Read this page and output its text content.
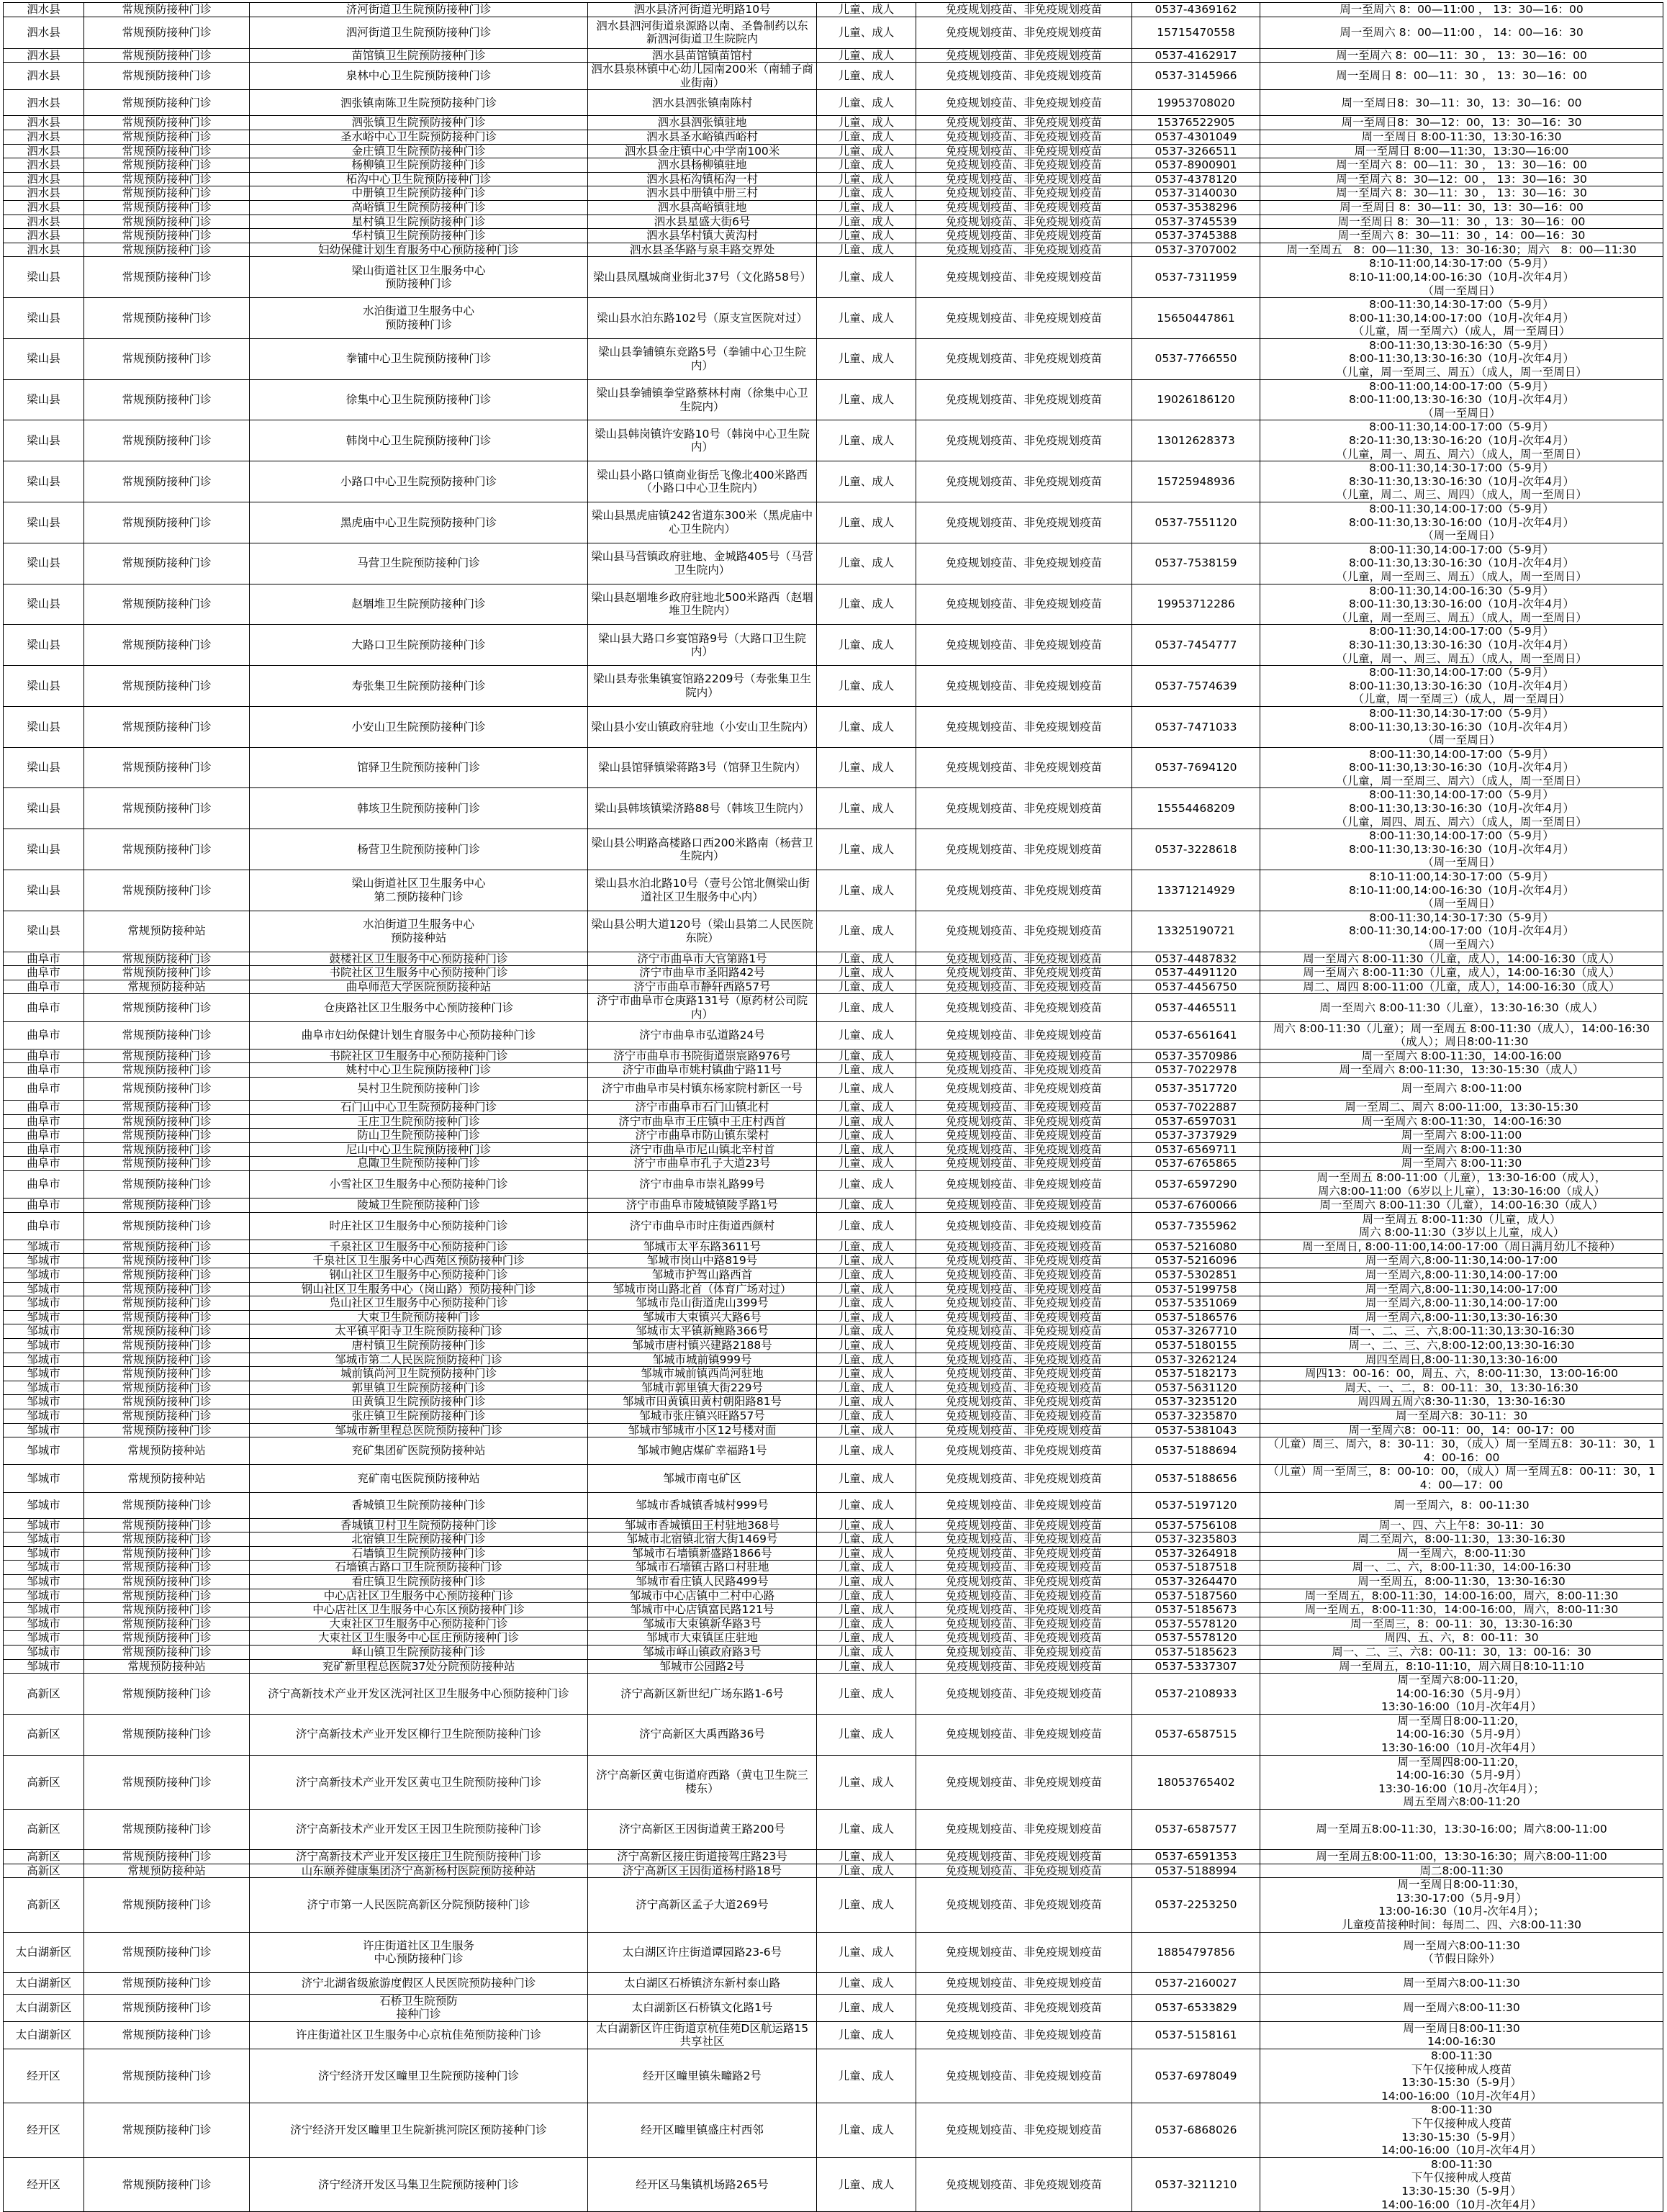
泗水县	常规预防接种门诊	济河街道卫生院预防接种门诊	泗水县济河街道光明路10号	儿童、成人	免疫规划疫苗、非免疫规划疫苗	0537-4369162	周一至周六 8：00—11:00 ， 13：30—16：00
泗水县	常规预防接种门诊	泗河街道卫生院预防接种门诊	泗水县泗河街道泉源路以南、圣鲁制药以东
新泗河街道卫生院院内	儿童、成人	免疫规划疫苗、非免疫规划疫苗	15715470558	周一至周六 8：00—11:00 ， 14：00—16：30
泗水县	常规预防接种门诊	苗馆镇卫生院预防接种门诊	泗水县苗馆镇苗馆村	儿童、成人	免疫规划疫苗、非免疫规划疫苗	0537-4162917	周一至周六 8：00—11：30 ， 13：30—16：00
泗水县	常规预防接种门诊	泉林中心卫生院预防接种门诊	泗水县泉林镇中心幼儿园南200米（南辅子商业街南）	儿童、成人	免疫规划疫苗、非免疫规划疫苗	0537-3145966	周一至周日 8：00—11：30 ， 13：30—16：00
泗水县	常规预防接种门诊	泗张镇南陈卫生院预防接种门诊	泗水县泗张镇南陈村	儿童、成人	免疫规划疫苗、非免疫规划疫苗	19953708020	周一至周日8：30—11：30，13：30—16：00
泗水县	常规预防接种门诊	泗张镇卫生院预防接种门诊	泗水县泗张镇驻地	儿童、成人	免疫规划疫苗、非免疫规划疫苗	15376522905	周一至周日8：30—12：00，13：30—16：30
泗水县	常规预防接种门诊	圣水峪中心卫生院预防接种门诊	泗水县圣水峪镇西峪村	儿童、成人	免疫规划疫苗、非免疫规划疫苗	0537-4301049	周一至周日 8:00-11:30，13:30-16:30
泗水县	常规预防接种门诊	金庄镇卫生院预防接种门诊	泗水县金庄镇中心中学南100米	儿童、成人	免疫规划疫苗、非免疫规划疫苗	0537-3266511	周一至周日 8:00—11:30，13:30—16:00
泗水县	常规预防接种门诊	杨柳镇卫生院预防接种门诊	泗水县杨柳镇驻地	儿童、成人	免疫规划疫苗、非免疫规划疫苗	0537-8900901	周一至周六 8：00—11：30 ， 13：30—16：00
泗水县	常规预防接种门诊	柘沟中心卫生院预防接种门诊	泗水县柘沟镇柘沟一村	儿童、成人	免疫规划疫苗、非免疫规划疫苗	0537-4378120	周一至周六 8：30—12：00 ， 13：30—16：30
泗水县	常规预防接种门诊	中册镇卫生院预防接种门诊	泗水县中册镇中册三村	儿童、成人	免疫规划疫苗、非免疫规划疫苗	0537-3140030	周一至周六 8：30—11：30 ， 13：30—16：30
泗水县	常规预防接种门诊	高峪镇卫生院预防接种门诊	泗水县高峪镇驻地	儿童、成人	免疫规划疫苗、非免疫规划疫苗	0537-3538296	周一至周日 8：30—11：30，13：30—16：00
泗水县	常规预防接种门诊	星村镇卫生院预防接种门诊	泗水县星盛大街6号	儿童、成人	免疫规划疫苗、非免疫规划疫苗	0537-3745539	周一至周日 8：30—11：30 ，13：30—16：00
泗水县	常规预防接种门诊	华村镇卫生院预防接种门诊	泗水县华村镇大黄沟村	儿童、成人	免疫规划疫苗、非免疫规划疫苗	0537-3745388	周一至周六 8：30—11：30 ，14：00—16：30
泗水县	常规预防接种门诊	妇幼保健计划生育服务中心预防接种门诊	泗水县圣华路与泉丰路交界处	儿童、成人	免疫规划疫苗、非免疫规划疫苗	0537-3707002	周一至周五　8：00—11:30，13：30-16:30；周六　8：00—11:30
梁山县	常规预防接种门诊	梁山街道社区卫生服务中心
预防接种门诊	梁山县凤凰城商业街北37号（文化路58号）	儿童、成人	免疫规划疫苗、非免疫规划疫苗	0537-7311959	8:10-11:00,14:30-17:00（5-9月）
8:10-11:00,14:00-16:30（10月-次年4月）
（周一至周日）
梁山县	常规预防接种门诊	水泊街道卫生服务中心
预防接种门诊	梁山县水泊东路102号（原支宣医院对过）	儿童、成人	免疫规划疫苗、非免疫规划疫苗	15650447861	8:00-11:30,14:30-17:00（5-9月）
8:00-11:30,14:00-17:00（10月-次年4月）
（儿童，周一至周六）（成人，周一至周日）
梁山县	常规预防接种门诊	拳铺中心卫生院预防接种门诊	梁山县拳铺镇东竞路5号（拳铺中心卫生院内）	儿童、成人	免疫规划疫苗、非免疫规划疫苗	0537-7766550	8:00-11:30,13:30-16:30（5-9月）
8:00-11:30,13:30-16:30（10月-次年4月）
（儿童，周一至周三、周五）（成人，周一至周日）
梁山县	常规预防接种门诊	徐集中心卫生院预防接种门诊	梁山县拳铺镇拳堂路蔡林村南（徐集中心卫生院内）	儿童、成人	免疫规划疫苗、非免疫规划疫苗	19026186120	8:00-11:00,14:00-17:00（5-9月）
8:00-11:00,13:30-16:30（10月-次年4月）
（周一至周日）
梁山县	常规预防接种门诊	韩岗中心卫生院预防接种门诊	梁山县韩岗镇许安路10号（韩岗中心卫生院内）	儿童、成人	免疫规划疫苗、非免疫规划疫苗	13012628373	8:00-11:30,14:00-17:00（5-9月）
8:20-11:30,13:30-16:20（10月-次年4月）
（儿童，周一、周五、周六）（成人，周一至周日）
梁山县	常规预防接种门诊	小路口中心卫生院预防接种门诊	梁山县小路口镇商业街岳飞像北400米路西（小路口中心卫生院内）	儿童、成人	免疫规划疫苗、非免疫规划疫苗	15725948936	8:00-11:30,14:30-17:00（5-9月）
8:30-11:30,13:30-16:30（10月-次年4月）
（儿童，周二、周三、周四）（成人，周一至周日）
梁山县	常规预防接种门诊	黑虎庙中心卫生院预防接种门诊	梁山县黑虎庙镇242省道东300米（黑虎庙中心卫生院内）	儿童、成人	免疫规划疫苗、非免疫规划疫苗	0537-7551120	8:00-11:30,14:00-17:00（5-9月）
8:00-11:30,13:30-16:00（10月-次年4月）
（周一至周日）
梁山县	常规预防接种门诊	马营卫生院预防接种门诊	梁山县马营镇政府驻地、金城路405号（马营卫生院内）	儿童、成人	免疫规划疫苗、非免疫规划疫苗	0537-7538159	8:00-11:30,14:00-17:00（5-9月）
8:00-11:30,13:30-16:30（10月-次年4月）
（儿童，周一至周三、周五）（成人，周一至周日）
梁山县	常规预防接种门诊	赵堌堆卫生院预防接种门诊	梁山县赵堌堆乡政府驻地北500米路西（赵堌堆卫生院内）	儿童、成人	免疫规划疫苗、非免疫规划疫苗	19953712286	8:00-11:30,14:00-16:30（5-9月）
8:00-11:30,13:30-16:00（10月-次年4月）
（儿童，周一至周三、周五）（成人，周一至周日）
梁山县	常规预防接种门诊	大路口卫生院预防接种门诊	梁山县大路口乡宴馆路9号（大路口卫生院内）	儿童、成人	免疫规划疫苗、非免疫规划疫苗	0537-7454777	8:00-11:30,14:00-17:00（5-9月）
8:30-11:30,13:30-16:30（10月-次年4月）
（儿童，周一、周三、周五）（成人，周一至周日）
梁山县	常规预防接种门诊	寿张集卫生院预防接种门诊	梁山县寿张集镇宴馆路2209号（寿张集卫生院内）	儿童、成人	免疫规划疫苗、非免疫规划疫苗	0537-7574639	8:00-11:30,14:00-17:00（5-9月）
8:00-11:30,13:30-16:30（10月-次年4月）
（儿童，周一至周三）（成人，周一至周日）
梁山县	常规预防接种门诊	小安山卫生院预防接种门诊	梁山县小安山镇政府驻地（小安山卫生院内）	儿童、成人	免疫规划疫苗、非免疫规划疫苗	0537-7471033	8:00-11:30,14:30-17:00（5-9月）
8:00-11:30,13:30-16:30（10月-次年4月）
（周一至周日）
梁山县	常规预防接种门诊	馆驿卫生院预防接种门诊	梁山县馆驿镇梁蒋路3号（馆驿卫生院内）	儿童、成人	免疫规划疫苗、非免疫规划疫苗	0537-7694120	8:00-11:30,14:00-17:00（5-9月）
8:00-11:30,13:30-16:30（10月-次年4月）
（儿童，周一至周三、周六）（成人，周一至周日）
梁山县	常规预防接种门诊	韩垓卫生院预防接种门诊	梁山县韩垓镇梁济路88号（韩垓卫生院内）	儿童、成人	免疫规划疫苗、非免疫规划疫苗	15554468209	8:00-11:30,14:00-17:00（5-9月）
8:00-11:30,13:30-16:30（10月-次年4月）
（儿童，周四、周五、周六）（成人，周一至周日）
梁山县	常规预防接种门诊	杨营卫生院预防接种门诊	梁山县公明路高楼路口西200米路南（杨营卫生院内）	儿童、成人	免疫规划疫苗、非免疫规划疫苗	0537-3228618	8:00-11:30,14:00-17:00（5-9月）
8:00-11:30,13:30-16:30（10月-次年4月）
（周一至周日）
梁山县	常规预防接种门诊	梁山街道社区卫生服务中心
第二预防接种门诊	梁山县水泊北路10号（壹号公馆北侧梁山街道社区卫生服务中心内）	儿童、成人	免疫规划疫苗、非免疫规划疫苗	13371214929	8:10-11:00,14:30-17:00（5-9月）
8:10-11:00,14:00-16:30（10月-次年4月）
（周一至周日）
梁山县	常规预防接种站	水泊街道卫生服务中心
预防接种站	梁山县公明大道120号（梁山县第二人民医院东院）	儿童、成人	免疫规划疫苗、非免疫规划疫苗	13325190721	8:00-11:30,14:30-17:30（5-9月）
8:00-11:30,14:00-17:00（10月-次年4月）
（周一至周六）
曲阜市	常规预防接种门诊	鼓楼社区卫生服务中心预防接种门诊	济宁市曲阜市大官第路1号	儿童、成人	免疫规划疫苗、非免疫规划疫苗	0537-4487832	周一至周六 8:00-11:30（儿童，成人），14:00-16:30（成人）
曲阜市	常规预防接种门诊	书院社区卫生服务中心预防接种门诊	济宁市曲阜市圣阳路42号	儿童、成人	免疫规划疫苗、非免疫规划疫苗	0537-4491120	周一至周六 8:00-11:30（儿童，成人），14:00-16:30（成人）
曲阜市	常规预防接种站	曲阜师范大学医院预防接种站	济宁市曲阜市静轩西路57号	儿童、成人	免疫规划疫苗、非免疫规划疫苗	0537-4456750	周二、周四 8:00-11:00（儿童，成人），14:00-16:30（成人）
曲阜市	常规预防接种门诊	仓庚路社区卫生服务中心预防接种门诊	济宁市曲阜市仓庚路131号（原药材公司院内）	儿童、成人	免疫规划疫苗、非免疫规划疫苗	0537-4465511	周一至周六 8:00-11:30（儿童），13:30-16:30（成人）
曲阜市	常规预防接种门诊	曲阜市妇幼保健计划生育服务中心预防接种门诊	济宁市曲阜市弘道路24号	儿童、成人	免疫规划疫苗、非免疫规划疫苗	0537-6561641	周六 8:00-11:30（儿童）；周一至周五 8:00-11:30（成人），14:00-16:30（成人）；周日8:00-11:30
曲阜市	常规预防接种门诊	书院社区卫生服务中心预防接种门诊	济宁市曲阜市书院街道崇宸路976号	儿童、成人	免疫规划疫苗、非免疫规划疫苗	0537-3570986	周一至周六 8:00-11:30，14:00-16:00
曲阜市	常规预防接种门诊	姚村中心卫生院预防接种门诊	济宁市曲阜市姚村镇曲宁路11号	儿童、成人	免疫规划疫苗、非免疫规划疫苗	0537-7022978	周一至周六 8:00-11:30，13:30-15:30（成人）
曲阜市	常规预防接种门诊	吴村卫生院预防接种门诊	济宁市曲阜市吴村镇东杨家院村新区一号	儿童、成人	免疫规划疫苗、非免疫规划疫苗	0537-3517720	周一至周六 8:00-11:00
曲阜市	常规预防接种门诊	石门山中心卫生院预防接种门诊	济宁市曲阜市石门山镇北村	儿童、成人	免疫规划疫苗、非免疫规划疫苗	0537-7022887	周一至周二、周六 8:00-11:00，13:30-15:30
曲阜市	常规预防接种门诊	王庄卫生院预防接种门诊	济宁市曲阜市王庄镇中王庄村西首	儿童、成人	免疫规划疫苗、非免疫规划疫苗	0537-6597031	周一至周六 8:00-11:30，14:00-16:30
曲阜市	常规预防接种门诊	防山卫生院预防接种门诊	济宁市曲阜市防山镇东梁村	儿童、成人	免疫规划疫苗、非免疫规划疫苗	0537-3737929	周一至周六 8:00-11:00
曲阜市	常规预防接种门诊	尼山中心卫生院预防接种门诊	济宁市曲阜市尼山镇北辛村首	儿童、成人	免疫规划疫苗、非免疫规划疫苗	0537-6569711	周一至周六 8:00-11:30
曲阜市	常规预防接种门诊	息陬卫生院预防接种门诊	济宁市曲阜市孔子大道23号	儿童、成人	免疫规划疫苗、非免疫规划疫苗	0537-6765865	周一至周六 8:00-11:30
曲阜市	常规预防接种门诊	小雪社区卫生服务中心预防接种门诊	济宁市曲阜市崇礼路99号	儿童、成人	免疫规划疫苗、非免疫规划疫苗	0537-6597290	周一至周五 8:00-11:00（儿童），13:30-16:00（成人），
周六8:00-11:00（6岁以上儿童），13:30-16:00（成人）
曲阜市	常规预防接种门诊	陵城卫生院预防接种门诊	济宁市曲阜市陵城镇陵孚路1号	儿童、成人	免疫规划疫苗、非免疫规划疫苗	0537-6760066	周一至周六 8:00-11:30（儿童），14:00-16:30（成人）
曲阜市	常规预防接种门诊	时庄社区卫生服务中心预防接种门诊	济宁市曲阜市时庄街道西颜村	儿童、成人	免疫规划疫苗、非免疫规划疫苗	0537-7355962	周一至周五 8:00-11:30（儿童，成人）
周六 8:00-11:30（3岁以上儿童，成人）
邹城市	常规预防接种门诊	千泉社区卫生服务中心预防接种门诊	邹城市太平东路3611号	儿童、成人	免疫规划疫苗、非免疫规划疫苗	0537-5216080	周一至周日, 8:00-11:00,14:00-17:00（周日满月幼儿不接种）
邹城市	常规预防接种门诊	千泉社区卫生服务中心西苑区预防接种门诊	邹城市岗山中路819号	儿童、成人	免疫规划疫苗、非免疫规划疫苗	0537-5216096	周一至周六,8:00-11:30,14:00-17:00
邹城市	常规预防接种门诊	钢山社区卫生服务中心预防接种门诊	邹城市护驾山路西首	儿童、成人	免疫规划疫苗、非免疫规划疫苗	0537-5302851	周一至周六,8:00-11:30,14:00-17:00
邹城市	常规预防接种门诊	钢山社区卫生服务中心（岗山路）预防接种门诊	邹城市岗山路北首（体育广场对过）	儿童、成人	免疫规划疫苗、非免疫规划疫苗	0537-5199758	周一至周六,8:00-11:30,14:00-17:00
邹城市	常规预防接种门诊	凫山社区卫生服务中心预防接种门诊	邹城市凫山街道虎山399号	儿童、成人	免疫规划疫苗、非免疫规划疫苗	0537-5351069	周一至周六,8:00-11:30,14:00-17:00
邹城市	常规预防接种门诊	大束卫生院预防接种门诊	邹城市大束镇兴大路6号	儿童、成人	免疫规划疫苗、非免疫规划疫苗	0537-5186576	周一至周六,8:00-11:30,13:30-16:30
邹城市	常规预防接种门诊	太平镇平阳寺卫生院预防接种门诊	邹城市太平镇新鲍路366号	儿童、成人	免疫规划疫苗、非免疫规划疫苗	0537-3267710	周一、二、三、六,8:00-11:30,13:30-16:30
邹城市	常规预防接种门诊	唐村镇卫生院预防接种门诊	邹城市唐村镇兴建路2188号	儿童、成人	免疫规划疫苗、非免疫规划疫苗	0537-5180155	周一、二、三、六,8:00-12:00,13:30-16:30
邹城市	常规预防接种门诊	邹城市第二人民医院预防接种门诊	邹城市城前镇999号	儿童、成人	免疫规划疫苗、非免疫规划疫苗	0537-3262124	周四至周日,8:00-11:30,13:30-16:00
邹城市	常规预防接种门诊	城前镇尚河卫生院预防接种门诊	邹城市城前镇西尚河驻地	儿童、成人	免疫规划疫苗、非免疫规划疫苗	0537-5182173	周四13：00-16：00，周五、六，8:00-11:30，13:00-16:00
邹城市	常规预防接种门诊	郭里镇卫生院预防接种门诊	邹城市郭里镇大街229号	儿童、成人	免疫规划疫苗、非免疫规划疫苗	0537-5631120	周天、一、二，8：00-11：30，13:30-16:30
邹城市	常规预防接种门诊	田黄镇卫生院预防接种门诊	邹城市田黄镇田黄村朝阳路81号	儿童、成人	免疫规划疫苗、非免疫规划疫苗	0537-3235120	周四周五周六8:30-11:30，13:30-16:30
邹城市	常规预防接种门诊	张庄镇卫生院预防接种门诊	邹城市张庄镇兴旺路57号	儿童、成人	免疫规划疫苗、非免疫规划疫苗	0537-3235870	周一至周六8：30-11：30
邹城市	常规预防接种门诊	邹城市新里程总医院预防接种门诊	邹城市邹城市小区12号楼对面	儿童、成人	免疫规划疫苗、非免疫规划疫苗	0537-5381043	周一至周六8：00-11：00，14：00-17：00
邹城市	常规预防接种站	兖矿集团矿医院预防接种站	邹城市鲍店煤矿幸福路1号	儿童、成人	免疫规划疫苗、非免疫规划疫苗	0537-5188694	（儿童）周三、周六，8：30-11：30，（成人）周一至周五8：30-11：30，14：00-16：00
邹城市	常规预防接种站	兖矿南屯医院预防接种站	邹城市南屯矿区	儿童、成人	免疫规划疫苗、非免疫规划疫苗	0537-5188656	（儿童）周一至周三，8：00-10：00，（成人）周一至周五8：00-11：30，14：00—17：00
邹城市	常规预防接种门诊	香城镇卫生院预防接种门诊	邹城市香城镇香城村999号	儿童、成人	免疫规划疫苗、非免疫规划疫苗	0537-5197120	周一至周六，8：00-11:30
邹城市	常规预防接种门诊	香城镇卫村卫生院预防接种门诊	邹城市香城镇田王村驻地368号	儿童、成人	免疫规划疫苗、非免疫规划疫苗	0537-5756108	周一、四、六上午8：30-11：30
邹城市	常规预防接种门诊	北宿镇卫生院预防接种门诊	邹城市北宿镇北宿大街1469号	儿童、成人	免疫规划疫苗、非免疫规划疫苗	0537-3235803	周二至周六，8:00-11:30，13:30-16:30
邹城市	常规预防接种门诊	石墙镇卫生院预防接种门诊	邹城市石墙镇新盛路1866号	儿童、成人	免疫规划疫苗、非免疫规划疫苗	0537-3264918	周一至周六，8:00-11:30
邹城市	常规预防接种门诊	石墙镇古路口卫生院预防接种门诊	邹城市石墙镇古路口村驻地	儿童、成人	免疫规划疫苗、非免疫规划疫苗	0537-5187518	周一、二、六，8:00-11:30，14:00-16:30
邹城市	常规预防接种门诊	看庄镇卫生院预防接种门诊	邹城市看庄镇人民路499号	儿童、成人	免疫规划疫苗、非免疫规划疫苗	0537-3264470	周一至周五，8:00-11:30，13:30-16:30
邹城市	常规预防接种门诊	中心店社区卫生服务中心预防接种门诊	邹城市中心店镇中二村中心路	儿童、成人	免疫规划疫苗、非免疫规划疫苗	0537-5187560	周一至周五，8:00-11:30，14:00-16:00，周六，8:00-11:30
邹城市	常规预防接种门诊	中心店社区卫生服务中心东区预防接种门诊	邹城市中心店镇富民路121号	儿童、成人	免疫规划疫苗、非免疫规划疫苗	0537-5185673	周一至周五，8:00-11:30，14:00-16:00，周六，8:00-11:30
邹城市	常规预防接种门诊	大束社区卫生服务中心预防接种门诊	邹城市大束镇新华路3号	儿童、成人	免疫规划疫苗、非免疫规划疫苗	0537-5578120	周一至周三，8：00-11：30，13:30-16:30
邹城市	常规预防接种门诊	大束社区卫生服务中心匡庄预防接种门诊	邹城市大束镇匡庄驻地	儿童、成人	免疫规划疫苗、非免疫规划疫苗	0537-5578120	周四、五、六，8：00-11：30
邹城市	常规预防接种门诊	峄山镇卫生院预防接种门诊	邹城市峄山镇政府路3号	儿童、成人	免疫规划疫苗、非免疫规划疫苗	0537-5185623	周一、二、三、六8：00-11：30，13：00-16：30
邹城市	常规预防接种站	兖矿新里程总医院37处分院预防接种站	邹城市公园路2号	儿童、成人	免疫规划疫苗、非免疫规划疫苗	0537-5337307	周一至周五，8:10-11:10，周六周日8:10-11:10
高新区	常规预防接种门诊	济宁高新技术产业开发区洸河社区卫生服务中心预防接种门诊	济宁高新区新世纪广场东路1-6号	儿童、成人	免疫规划疫苗、非免疫规划疫苗	0537-2108933	周一至周六8:00-11:20，
14:00-16:30（5月-9月）
13:30-16:00（10月-次年4月）
高新区	常规预防接种门诊	济宁高新技术产业开发区柳行卫生院预防接种门诊	济宁高新区大禹西路36号	儿童、成人	免疫规划疫苗、非免疫规划疫苗	0537-6587515	周一至周日8:00-11:20，
14:00-16:30（5月-9月）
13:30-16:00（10月-次年4月）
高新区	常规预防接种门诊	济宁高新技术产业开发区黄屯卫生院预防接种门诊	济宁高新区黄屯街道府西路（黄屯卫生院三楼东）	儿童、成人	免疫规划疫苗、非免疫规划疫苗	18053765402	周一至周四8:00-11:20，
14:00-16:30（5月-9月）
13:30-16:00（10月-次年4月）；
周五至周六8:00-11:20
高新区	常规预防接种门诊	济宁高新技术产业开发区王因卫生院预防接种门诊	济宁高新区王因街道黄王路200号	儿童、成人	免疫规划疫苗、非免疫规划疫苗	0537-6587577	周一至周五8:00-11:30，13:30-16:00；周六8:00-11:00
高新区	常规预防接种门诊	济宁高新技术产业开发区接庄卫生院预防接种门诊	济宁高新区接庄街道接驾庄路23号	儿童、成人	免疫规划疫苗、非免疫规划疫苗	0537-6591353	周一至周五8:00-11:00，13:30-16:30；周六8:00-11:00
高新区	常规预防接种站	山东颐养健康集团济宁高新杨村医院预防接种站	济宁高新区王因街道杨村路18号	儿童、成人	免疫规划疫苗、非免疫规划疫苗	0537-5188994	周二8:00-11:30
高新区	常规预防接种门诊	济宁市第一人民医院高新区分院预防接种门诊	济宁高新区孟子大道269号	儿童、成人	免疫规划疫苗、非免疫规划疫苗	0537-2253250	周一至周日8:00-11:30，
13:30-17:00（5月-9月）
13:00-16:30（10月-次年4月）；
儿童疫苗接种时间：每周二、四、六8:00-11:30
太白湖新区	常规预防接种门诊	许庄街道社区卫生服务
中心预防接种门诊	太白湖区许庄街道谭园路23-6号	儿童、成人	免疫规划疫苗、非免疫规划疫苗	18854797856	周一至周六8:00-11:30
（节假日除外）
太白湖新区	常规预防接种门诊	济宁北湖省级旅游度假区人民医院预防接种门诊	太白湖区石桥镇济东新村泰山路	儿童、成人	免疫规划疫苗、非免疫规划疫苗	0537-2160027	周一至周六8:00-11:30
太白湖新区	常规预防接种门诊	石桥卫生院预防
接种门诊	太白湖新区石桥镇文化路1号	儿童、成人	免疫规划疫苗、非免疫规划疫苗	0537-6533829	周一至周六8:00-11:30
太白湖新区	常规预防接种门诊	许庄街道社区卫生服务中心京杭佳苑预防接种门诊	太白湖新区许庄街道京杭佳苑D区航运路15共享社区	儿童、成人	免疫规划疫苗、非免疫规划疫苗	0537-5158161	周一至周日8:00-11:30
14:00-16:30
经开区	常规预防接种门诊	济宁经济开发区疃里卫生院预防接种门诊	经开区疃里镇朱疃路2号	儿童、成人	免疫规划疫苗、非免疫规划疫苗	0537-6978049	8:00-11:30
下午仅接种成人疫苗
13:30-15:30（5-9月）
14:00-16:00（10月-次年4月）
经开区	常规预防接种门诊	济宁经济开发区疃里卫生院新挑河院区预防接种门诊	经开区疃里镇盛庄村西邻	儿童、成人	免疫规划疫苗、非免疫规划疫苗	0537-6868026	8:00-11:30
下午仅接种成人疫苗
13:30-15:30（5-9月）
14:00-16:00（10月-次年4月）
经开区	常规预防接种门诊	济宁经济开发区马集卫生院预防接种门诊	经开区马集镇机场路265号	儿童、成人	免疫规划疫苗、非免疫规划疫苗	0537-3211210	8:00-11:30
下午仅接种成人疫苗
13:30-15:30（5-9月）
14:00-16:00（10月-次年4月）
